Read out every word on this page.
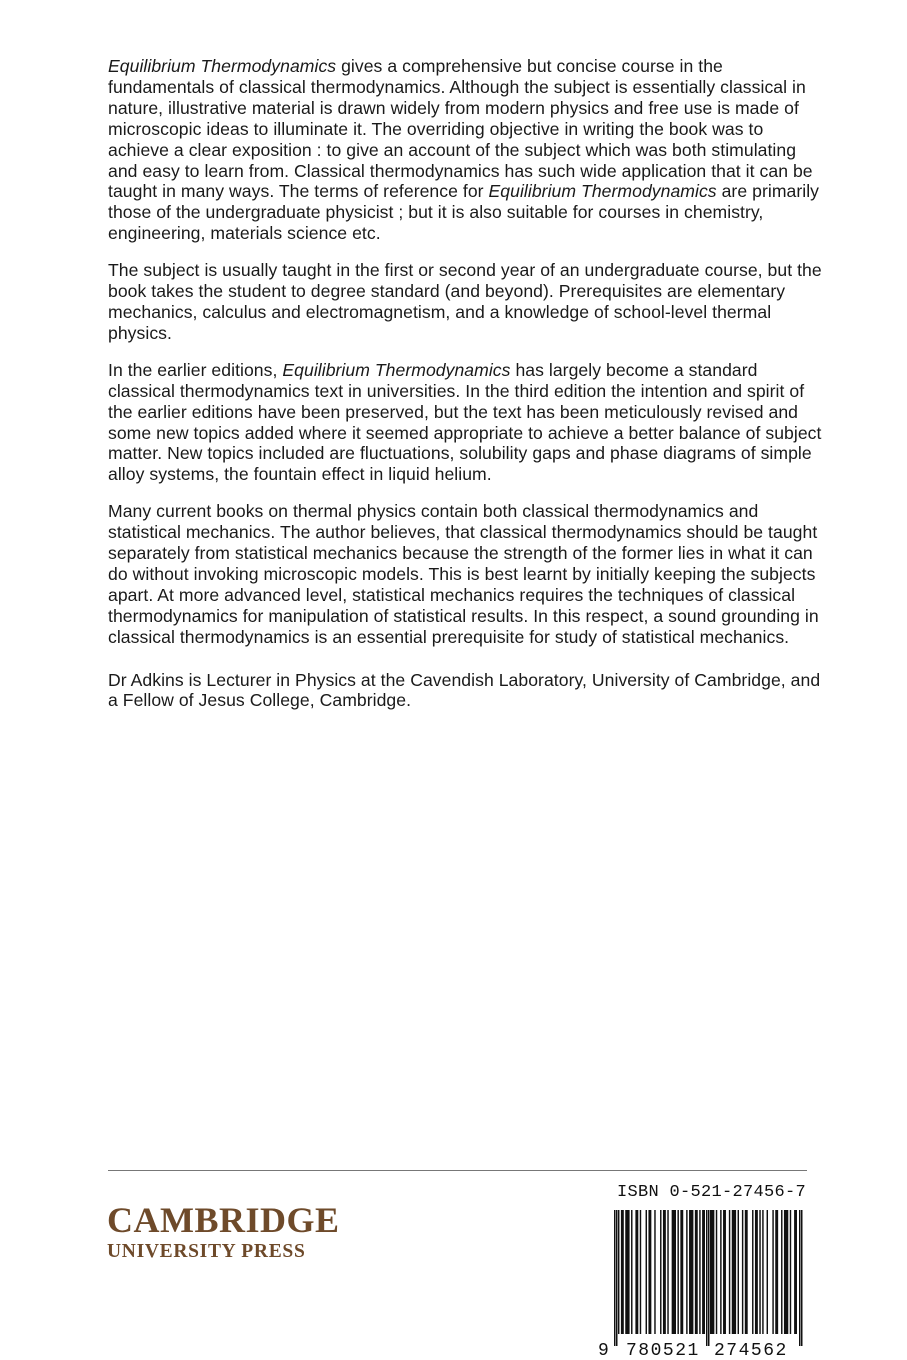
Equilibrium Thermodynamics gives a comprehensive but concise course in the fundamentals of classical thermodynamics. Although the subject is essentially classical in nature, illustrative material is drawn widely from modern physics and free use is made of microscopic ideas to illuminate it. The overriding objective in writing the book was to achieve a clear exposition : to give an account of the subject which was both stimulating and easy to learn from. Classical thermodynamics has such wide application that it can be taught in many ways. The terms of reference for Equilibrium Thermodynamics are primarily those of the undergraduate physicist ; but it is also suitable for courses in chemistry, engineering, materials science etc.

The subject is usually taught in the first or second year of an undergraduate course, but the book takes the student to degree standard (and beyond). Prerequisites are elementary mechanics, calculus and electromagnetism, and a knowledge of school-level thermal physics.

In the earlier editions, Equilibrium Thermodynamics has largely become a standard classical thermodynamics text in universities. In the third edition the intention and spirit of the earlier editions have been preserved, but the text has been meticulously revised and some new topics added where it seemed appropriate to achieve a better balance of subject matter. New topics included are fluctuations, solubility gaps and phase diagrams of simple alloy systems, the fountain effect in liquid helium.

Many current books on thermal physics contain both classical thermodynamics and statistical mechanics. The author believes, that classical thermodynamics should be taught separately from statistical mechanics because the strength of the former lies in what it can do without invoking microscopic models. This is best learnt by initially keeping the subjects apart. At more advanced level, statistical mechanics requires the techniques of classical thermodynamics for manipulation of statistical results. In this respect, a sound grounding in classical thermodynamics is an essential prerequisite for study of statistical mechanics.

Dr Adkins is Lecturer in Physics at the Cavendish Laboratory, University of Cambridge, and a Fellow of Jesus College, Cambridge.

CAMBRIDGE
UNIVERSITY PRESS
ISBN 0-521-27456-7
9 780521 274562
